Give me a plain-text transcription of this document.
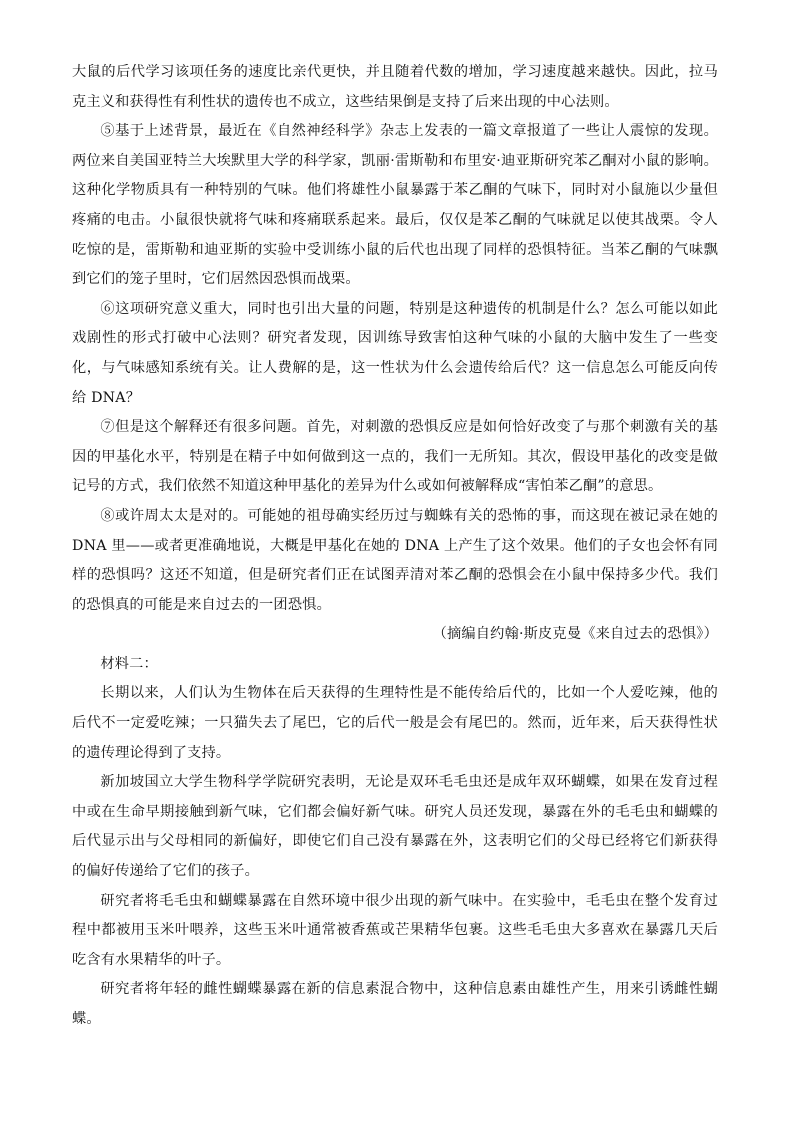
大鼠的后代学习该项任务的速度比亲代更快，并且随着代数的增加，学习速度越来越快。因此，拉马克主义和获得性有利性状的遗传也不成立，这些结果倒是支持了后来出现的中心法则。

⑤基于上述背景，最近在《自然神经科学》杂志上发表的一篇文章报道了一些让人震惊的发现。两位来自美国亚特兰大埃默里大学的科学家，凯丽·雷斯勒和布里安·迪亚斯研究苯乙酮对小鼠的影响。这种化学物质具有一种特别的气味。他们将雄性小鼠暴露于苯乙酮的气味下，同时对小鼠施以少量但疼痛的电击。小鼠很快就将气味和疼痛联系起来。最后，仅仅是苯乙酮的气味就足以使其战栗。令人吃惊的是，雷斯勒和迪亚斯的实验中受训练小鼠的后代也出现了同样的恐惧特征。当苯乙酮的气味飘到它们的笼子里时，它们居然因恐惧而战栗。

⑥这项研究意义重大，同时也引出大量的问题，特别是这种遗传的机制是什么？怎么可能以如此戏剧性的形式打破中心法则？研究者发现，因训练导致害怕这种气味的小鼠的大脑中发生了一些变化，与气味感知系统有关。让人费解的是，这一性状为什么会遗传给后代？这一信息怎么可能反向传给 DNA？

⑦但是这个解释还有很多问题。首先，对刺激的恐惧反应是如何恰好改变了与那个刺激有关的基因的甲基化水平，特别是在精子中如何做到这一点的，我们一无所知。其次，假设甲基化的改变是做记号的方式，我们依然不知道这种甲基化的差异为什么或如何被解释成“害怕苯乙酮”的意思。

⑧或许周太太是对的。可能她的祖母确实经历过与蜘蛛有关的恐怖的事，而这现在被记录在她的 DNA 里——或者更准确地说，大概是甲基化在她的 DNA 上产生了这个效果。他们的子女也会怀有同样的恐惧吗？这还不知道，但是研究者们正在试图弄清对苯乙酮的恐惧会在小鼠中保持多少代。我们的恐惧真的可能是来自过去的一团恐惧。

（摘编自约翰·斯皮克曼《来自过去的恐惧》）

材料二：

长期以来，人们认为生物体在后天获得的生理特性是不能传给后代的，比如一个人爱吃辣，他的后代不一定爱吃辣；一只猫失去了尾巴，它的后代一般是会有尾巴的。然而，近年来，后天获得性状的遗传理论得到了支持。

新加坡国立大学生物科学学院研究表明，无论是双环毛毛虫还是成年双环蝴蝶，如果在发育过程中或在生命早期接触到新气味，它们都会偏好新气味。研究人员还发现，暴露在外的毛毛虫和蝴蝶的后代显示出与父母相同的新偏好，即使它们自己没有暴露在外，这表明它们的父母已经将它们新获得的偏好传递给了它们的孩子。

研究者将毛毛虫和蝴蝶暴露在自然环境中很少出现的新气味中。在实验中，毛毛虫在整个发育过程中都被用玉米叶喂养，这些玉米叶通常被香蕉或芒果精华包裹。这些毛毛虫大多喜欢在暴露几天后吃含有水果精华的叶子。

研究者将年轻的雌性蝴蝶暴露在新的信息素混合物中，这种信息素由雄性产生，用来引诱雌性蝴蝶。
